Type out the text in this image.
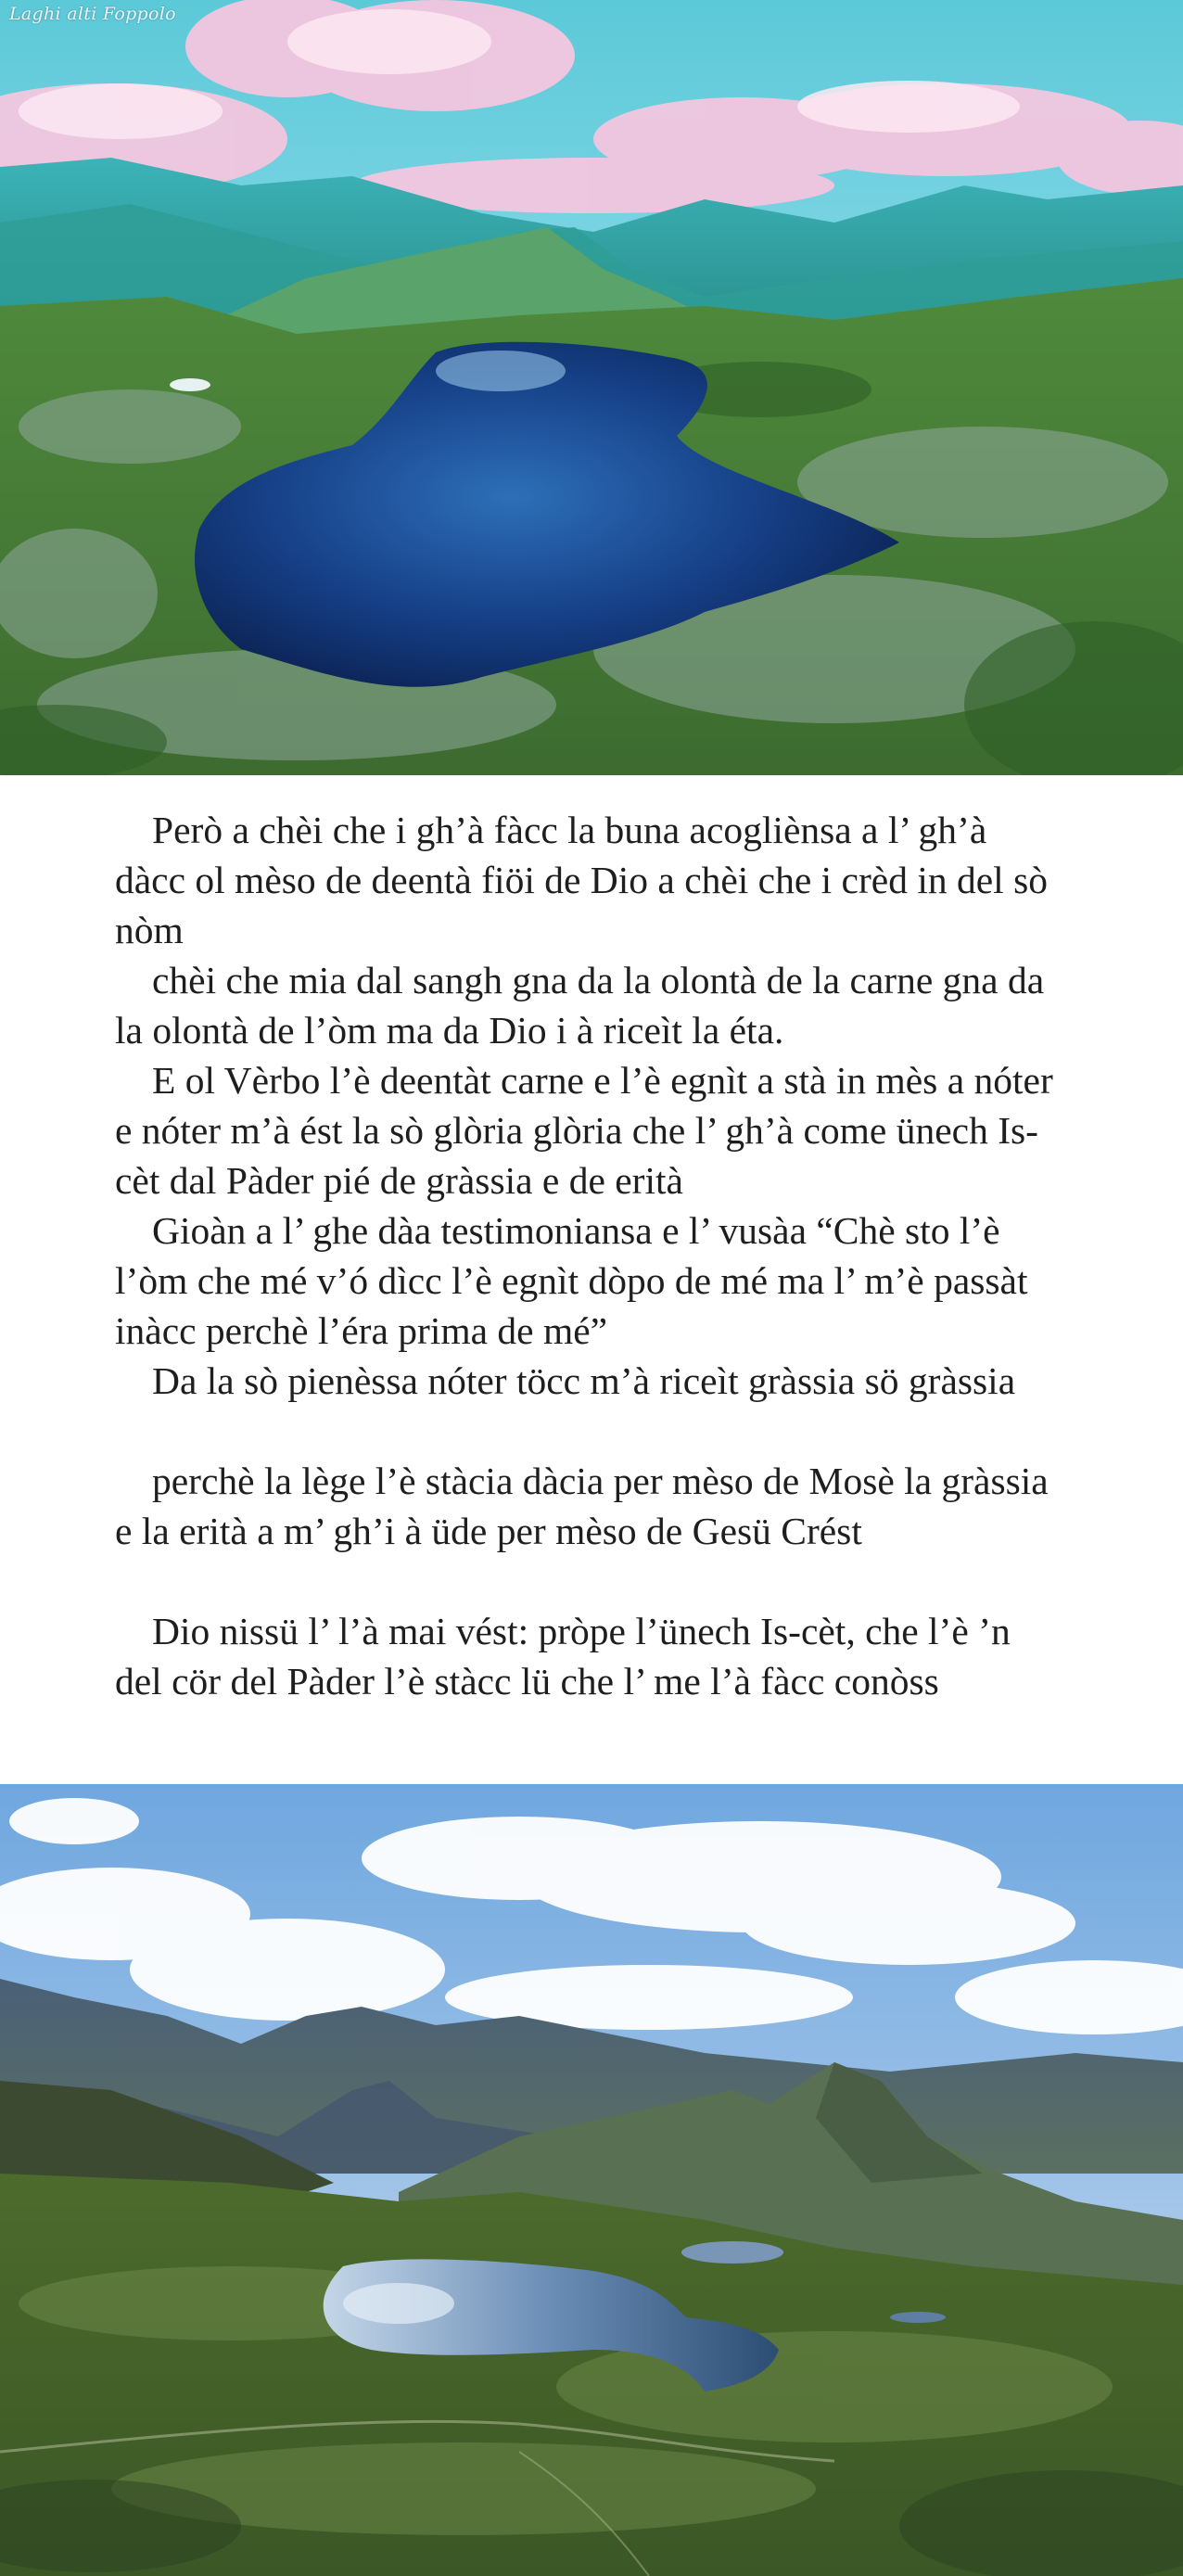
Laghi alti Foppolo

Però a chèi che i gh’à fàcc la buna acogliènsa a l’ gh’à dàcc ol mèso de deentà fiöi de Dio a chèi che i crèd in del sò nòm

chèi che mia dal sangh gna da la olontà de la carne gna da la olontà de l’òm ma da Dio i à riceìt la éta.

E ol Vèrbo l’è deentàt carne e l’è egnìt a stà in mès a nóter e nóter m’à ést la sò glòria glòria che l’ gh’à come ünech Is-cèt dal Pàder pié de gràssia e de erità

Gioàn a l’ ghe dàa testimoniansa e l’ vusàa “Chè sto l’è l’òm che mé v’ó dìcc l’è egnìt dòpo de mé ma l’ m’è passàt inàcc perchè l’éra prima de mé”

Da la sò pienèssa nóter töcc m’à riceìt gràssia sö gràssia

perchè la lège l’è stàcia dàcia per mèso de Mosè la gràssia e la erità a m’ gh’i à üde per mèso de Gesü Crést

Dio nissü l’ l’à mai vést: pròpe l’ünech Is-cèt, che l’è ’n del cör del Pàder l’è stàcc lü che l’ me l’à fàcc conòss
